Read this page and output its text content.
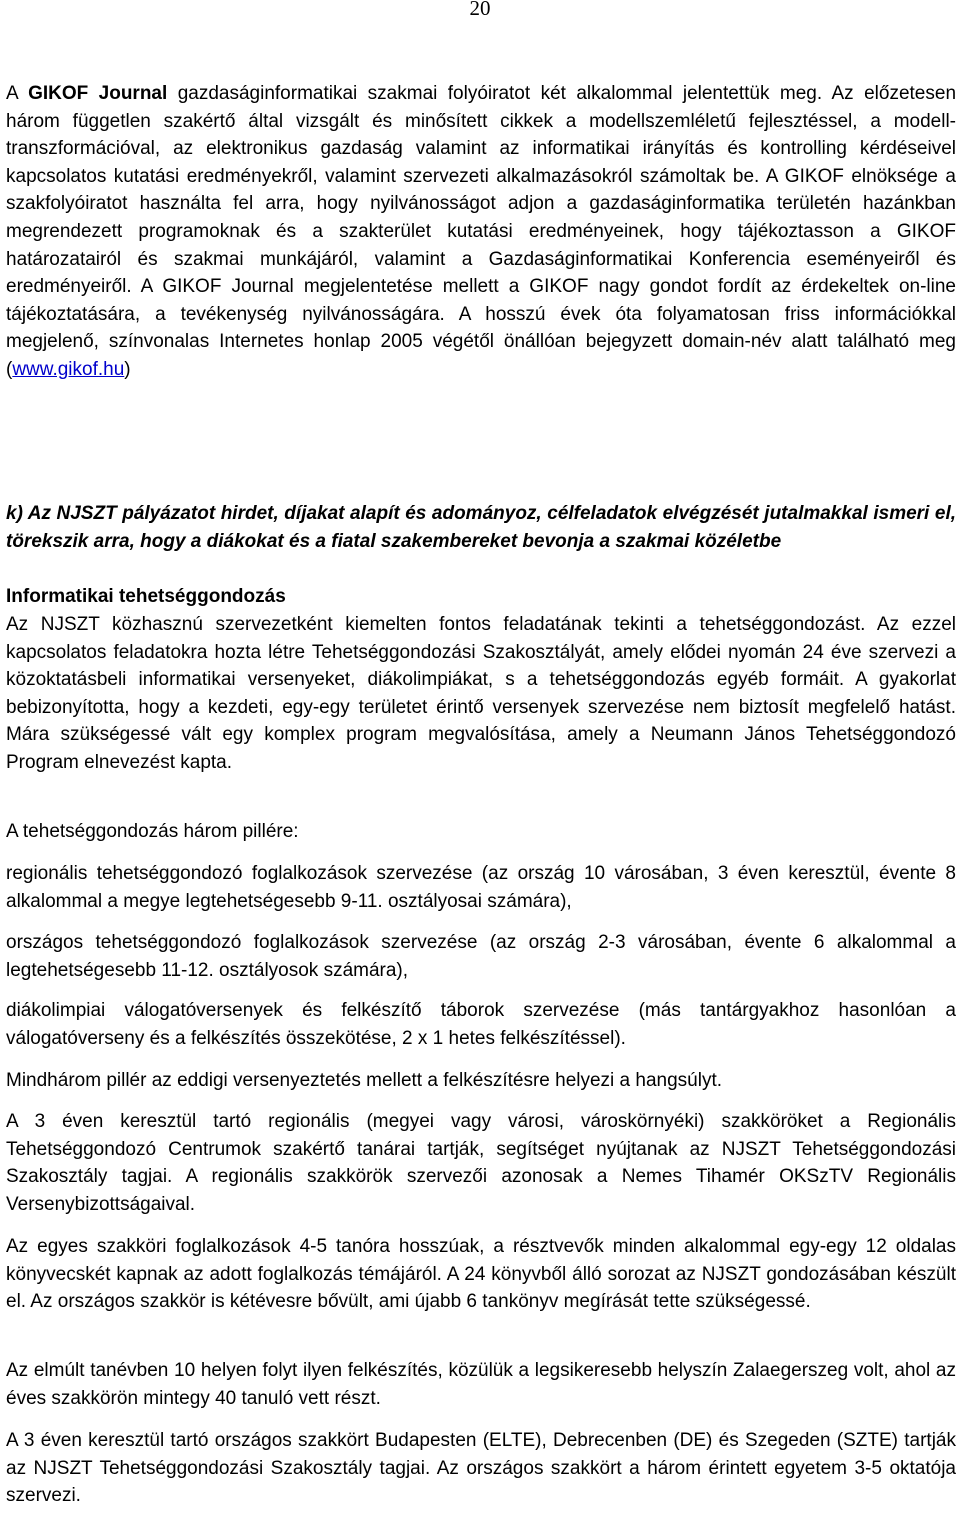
20
A GIKOF Journal gazdaságinformatikai szakmai folyóiratot két alkalommal jelentettük meg. Az előzetesen három független szakértő által vizsgált és minősített cikkek a modellszemléletű fejlesztéssel, a modell-transzformációval, az elektronikus gazdaság valamint az informatikai irányítás és kontrolling kérdéseivel kapcsolatos kutatási eredményekről, valamint szervezeti alkalmazásokról számoltak be. A GIKOF elnöksége a szakfolyóiratot használta fel arra, hogy nyilvánosságot adjon a gazdaságinformatika területén hazánkban megrendezett programoknak és a szakterület kutatási eredményeinek, hogy tájékoztasson a GIKOF határozatairól és szakmai munkájáról, valamint a Gazdaságinformatikai Konferencia eseményeiről és eredményeiről. A GIKOF Journal megjelentetése mellett a GIKOF nagy gondot fordít az érdekeltek on-line tájékoztatására, a tevékenység nyilvánosságára. A hosszú évek óta folyamatosan friss információkkal megjelenő, színvonalas Internetes honlap 2005 végétől önállóan bejegyzett domain-név alatt található meg (www.gikof.hu)
k) Az NJSZT pályázatot hirdet, díjakat alapít és adományoz, célfeladatok elvégzését jutalmakkal ismeri el, törekszik arra, hogy a diákokat és a fiatal szakembereket bevonja a szakmai közéletbe
Informatikai tehetséggondozás
Az NJSZT közhasznú szervezetként kiemelten fontos feladatának tekinti a tehetséggondozást. Az ezzel kapcsolatos feladatokra hozta létre Tehetséggondozási Szakosztályát, amely elődei nyomán 24 éve szervezi a közoktatásbeli informatikai versenyeket, diákolimpiákat, s a tehetséggondozás egyéb formáit. A gyakorlat bebizonyította, hogy a kezdeti, egy-egy területet érintő versenyek szervezése nem biztosít megfelelő hatást. Mára szükségessé vált egy komplex program megvalósítása, amely a Neumann János Tehetséggondozó Program elnevezést kapta.
A tehetséggondozás három pillére:
regionális tehetséggondozó foglalkozások szervezése (az ország 10 városában, 3 éven keresztül, évente 8 alkalommal a megye legtehetségesebb 9-11. osztályosai számára),
országos tehetséggondozó foglalkozások szervezése (az ország 2-3 városában, évente 6 alkalommal a legtehetségesebb 11-12. osztályosok számára),
diákolimpiai válogatóversenyek és felkészítő táborok szervezése (más tantárgyakhoz hasonlóan a válogatóverseny és a felkészítés összekötése, 2 x 1 hetes felkészítéssel).
Mindhárom pillér az eddigi versenyeztetés mellett a felkészítésre helyezi a hangsúlyt.
A 3 éven keresztül tartó regionális (megyei vagy városi, városkörnyéki) szakköröket a Regionális Tehetséggondozó Centrumok szakértő tanárai tartják, segítséget nyújtanak az NJSZT Tehetséggondozási Szakosztály tagjai. A regionális szakkörök szervezői azonosak a Nemes Tihamér OKSzTV Regionális Versenybizottságaival.
Az egyes szakköri foglalkozások 4-5 tanóra hosszúak, a résztvevők minden alkalommal egy-egy 12 oldalas könyvecskét kapnak az adott foglalkozás témájáról. A 24 könyvből álló sorozat az NJSZT gondozásában készült el. Az országos szakkör is kétévesre bővült, ami újabb 6 tankönyv megírását tette szükségessé.
Az elmúlt tanévben 10 helyen folyt ilyen felkészítés, közülük a legsikeresebb helyszín Zalaegerszeg volt, ahol az éves szakkörön mintegy 40 tanuló vett részt.
A 3 éven keresztül tartó országos szakkört Budapesten (ELTE), Debrecenben (DE) és Szegeden (SZTE) tartják az NJSZT Tehetséggondozási Szakosztály tagjai. Az országos szakkört a három érintett egyetem 3-5 oktatója szervezi.
